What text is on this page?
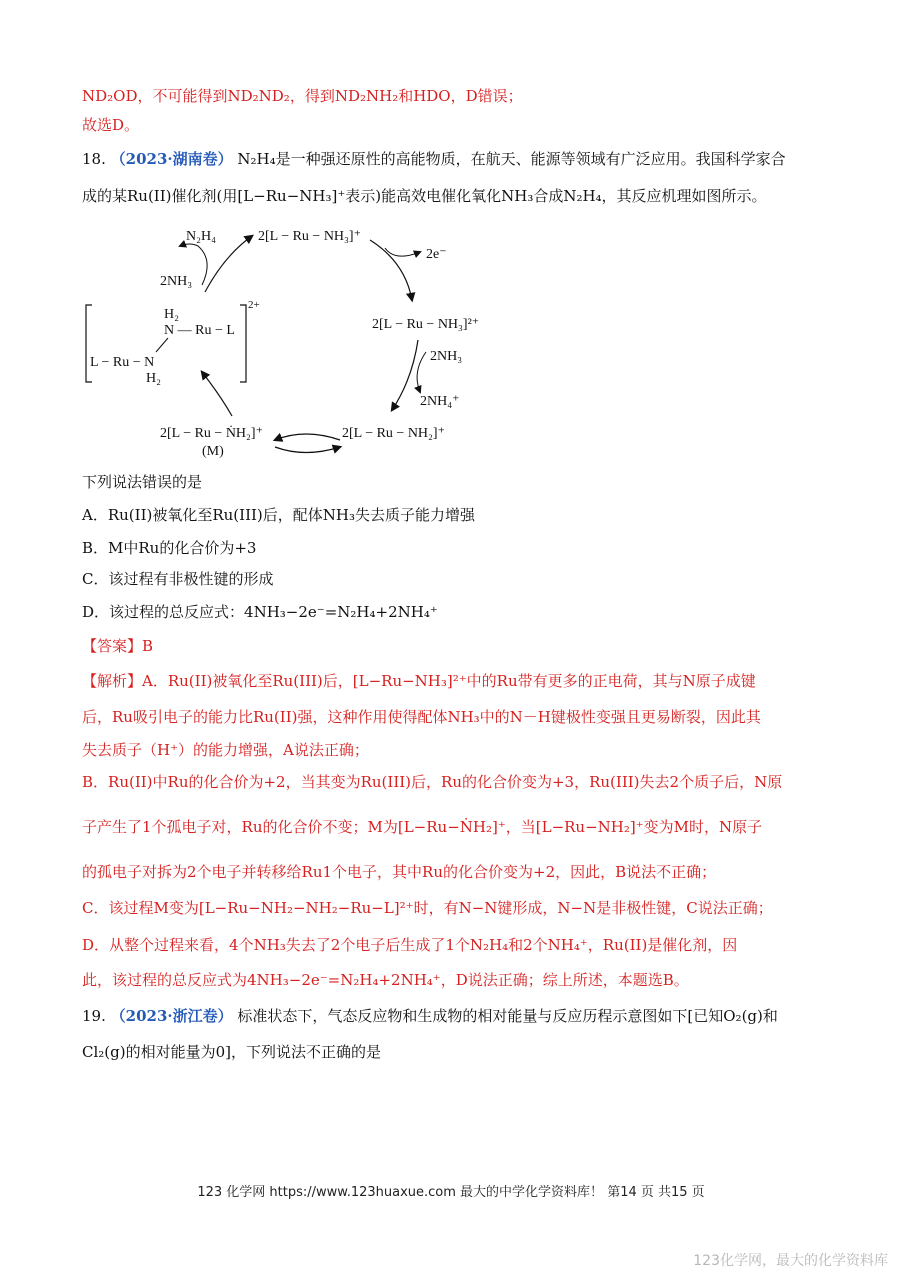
ND₂OD，不可能得到ND₂ND₂，得到ND₂NH₂和HDO，D错误；
故选D。
18. （2023·湖南卷） N₂H₄是一种强还原性的高能物质，在航天、能源等领域有广泛应用。我国科学家合
成的某Ru(II)催化剂(用[L−Ru−NH₃]⁺表示)能高效电催化氧化NH₃合成N₂H₄，其反应机理如图所示。
2[L − Ru − NH₃]⁺
2[L − Ru − NH₃]²⁺
2[L − Ru − NH₂]⁺
2[L − Ru − ṄH₂]⁺
(M)
N₂H₄
2NH₃
2e⁻
2NH₃
2NH₄⁺
2+
H₂
N — Ru − L
L − Ru − N
H₂
下列说法错误的是
A．Ru(II)被氧化至Ru(III)后，配体NH₃失去质子能力增强
B．M中Ru的化合价为+3
C．该过程有非极性键的形成
D．该过程的总反应式：4NH₃−2e⁻=N₂H₄+2NH₄⁺
【答案】B
【解析】A．Ru(II)被氧化至Ru(III)后，[L−Ru−NH₃]²⁺中的Ru带有更多的正电荷，其与N原子成键
后，Ru吸引电子的能力比Ru(II)强，这种作用使得配体NH₃中的N－H键极性变强且更易断裂，因此其
失去质子（H⁺）的能力增强，A说法正确；
B．Ru(II)中Ru的化合价为+2，当其变为Ru(III)后，Ru的化合价变为+3，Ru(III)失去2个质子后，N原
子产生了1个孤电子对，Ru的化合价不变；M为[L−Ru−ṄH₂]⁺，当[L−Ru−NH₂]⁺变为M时，N原子
的孤电子对拆为2个电子并转移给Ru1个电子，其中Ru的化合价变为+2，因此，B说法不正确；
C．该过程M变为[L−Ru−NH₂−NH₂−Ru−L]²⁺时，有N−N键形成，N−N是非极性键，C说法正确；
D．从整个过程来看，4个NH₃失去了2个电子后生成了1个N₂H₄和2个NH₄⁺，Ru(II)是催化剂，因
此，该过程的总反应式为4NH₃−2e⁻=N₂H₄+2NH₄⁺，D说法正确；综上所述，本题选B。
19. （2023·浙江卷） 标准状态下，气态反应物和生成物的相对能量与反应历程示意图如下[已知O₂(g)和
Cl₂(g)的相对能量为0]，下列说法不正确的是
123 化学网 https://www.123huaxue.com 最大的中学化学资料库！ 第14 页 共15 页
123化学网，最大的化学资料库
